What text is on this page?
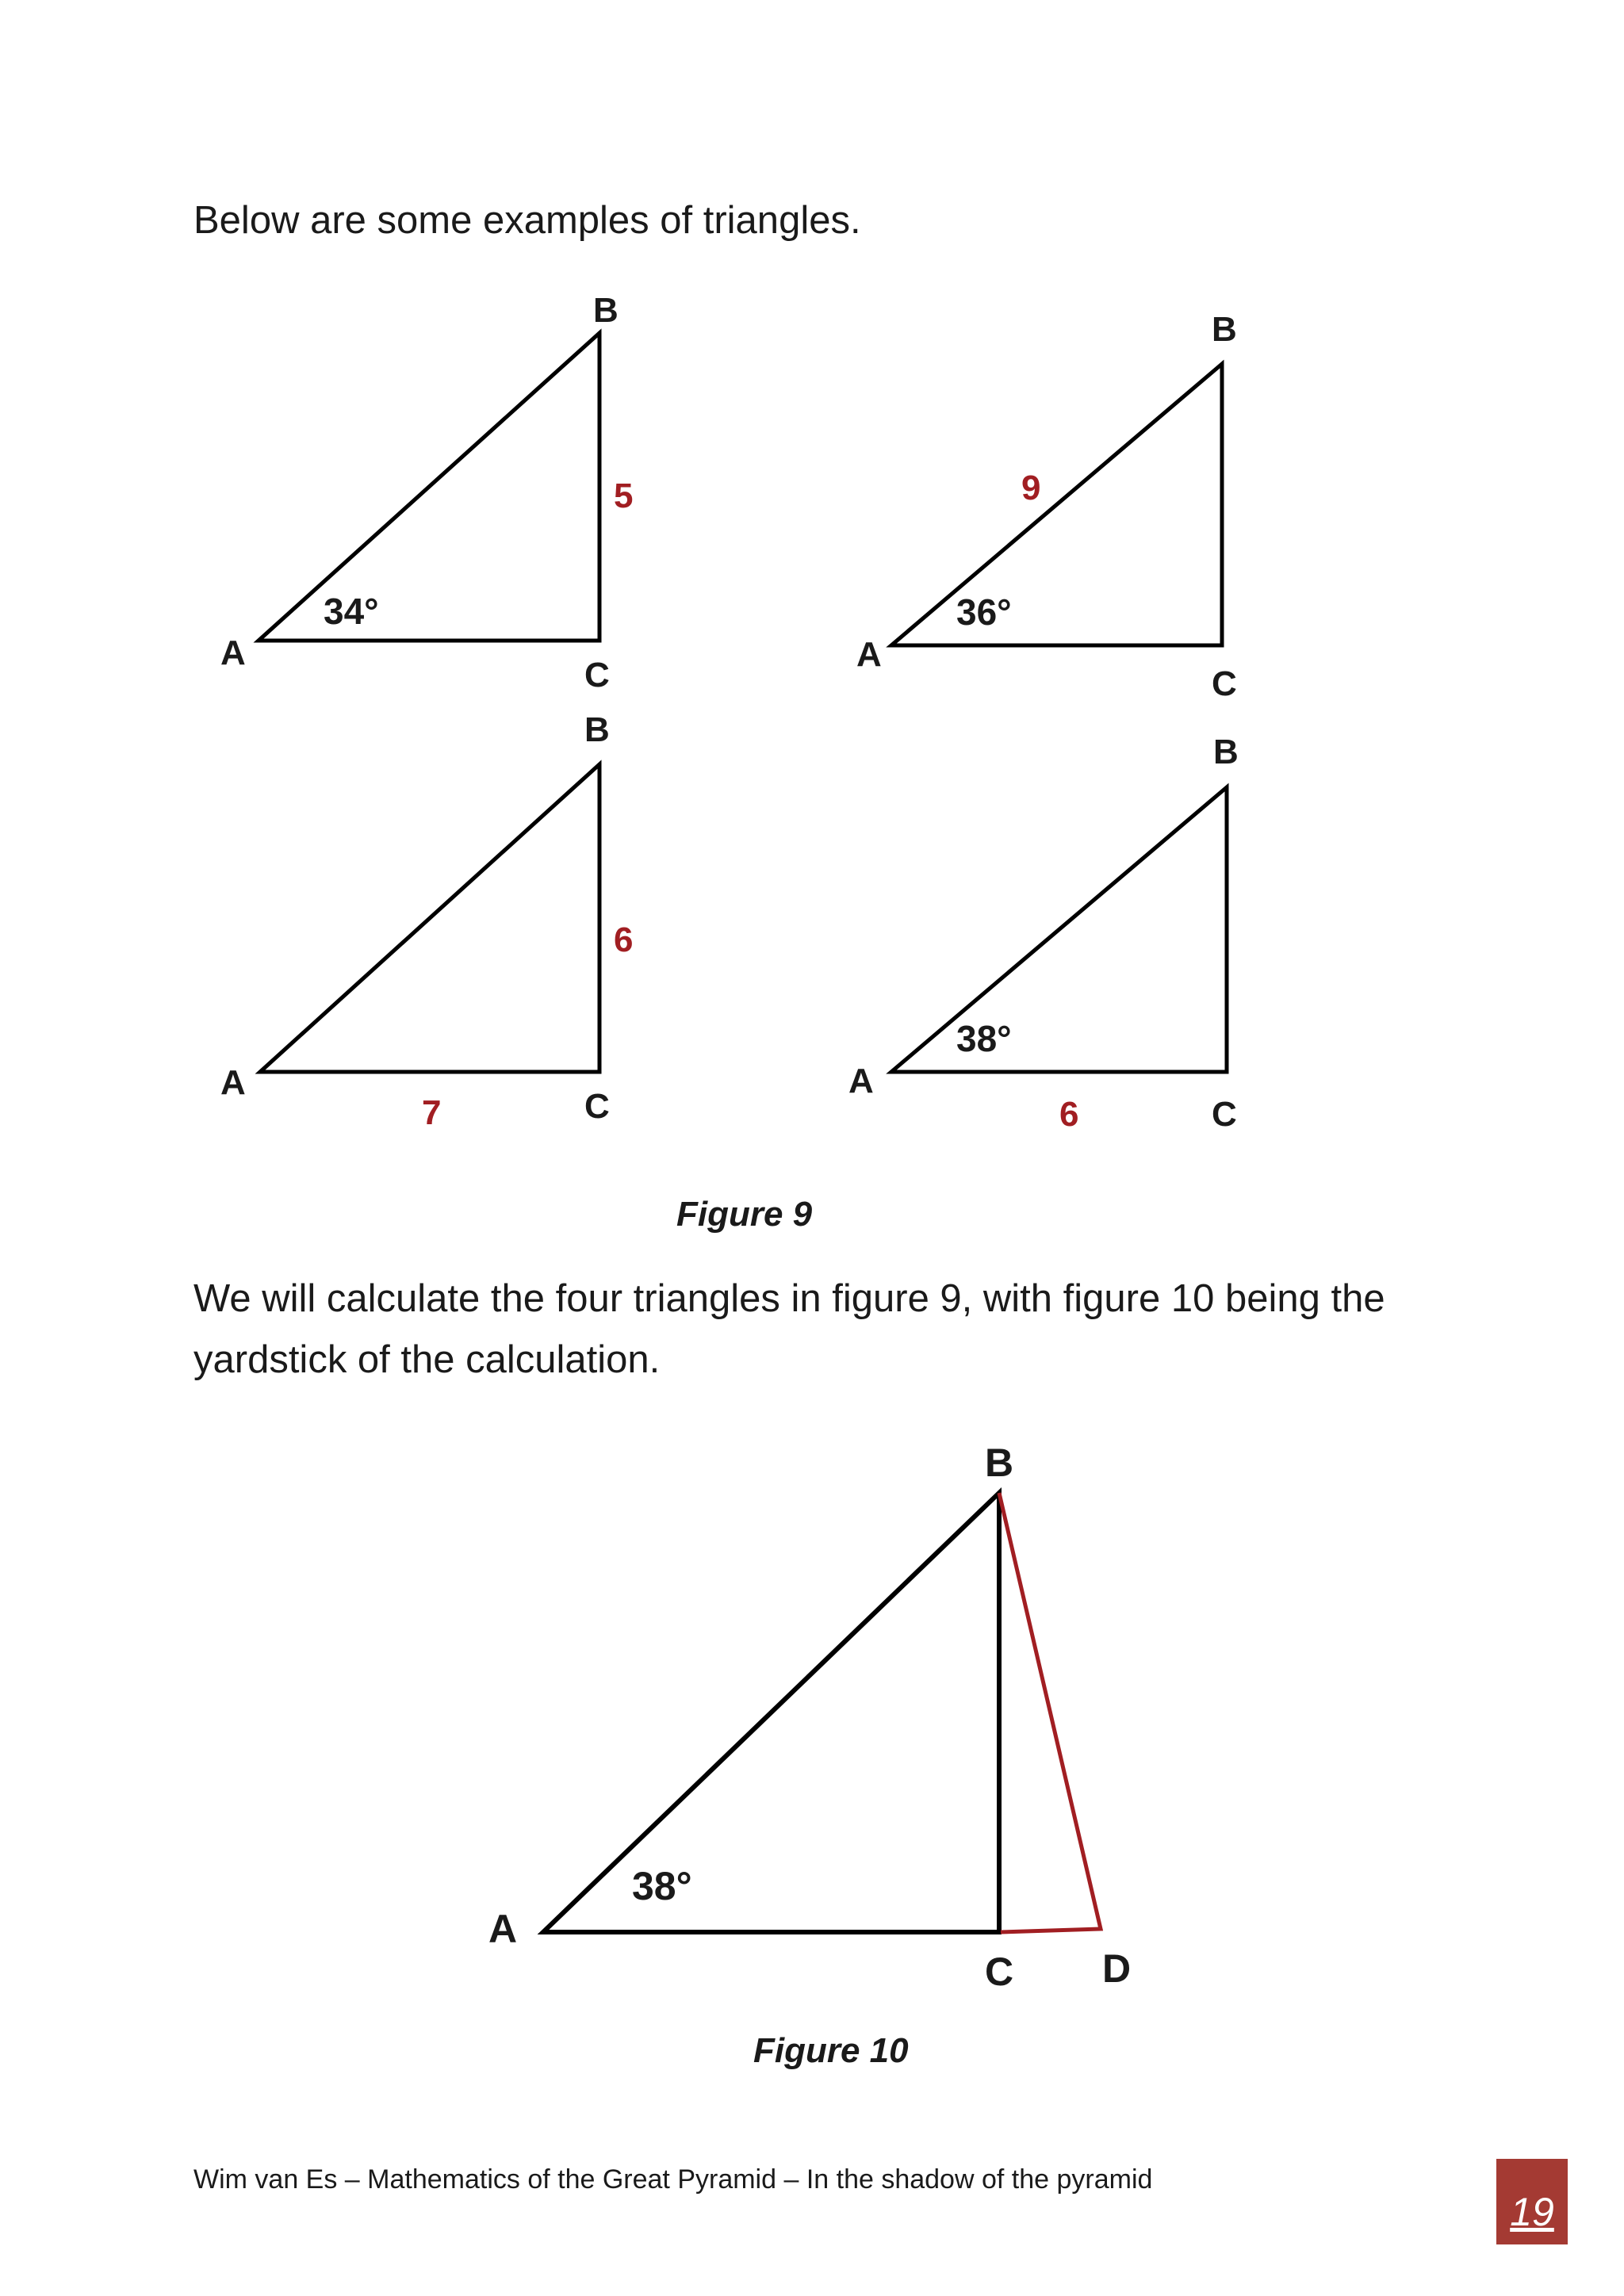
Below are some examples of triangles.

A
B
C
34°
5
A
B
C
36°
9
A
B
C
6
7
A
B
C
38°
6
Figure 9

We will calculate the four triangles in figure 9, with figure 10 being the yardstick of the calculation.

A
B
C D
38°
Figure 10
Wim van Es – Mathematics of the Great Pyramid – In the shadow of the pyramid
19
